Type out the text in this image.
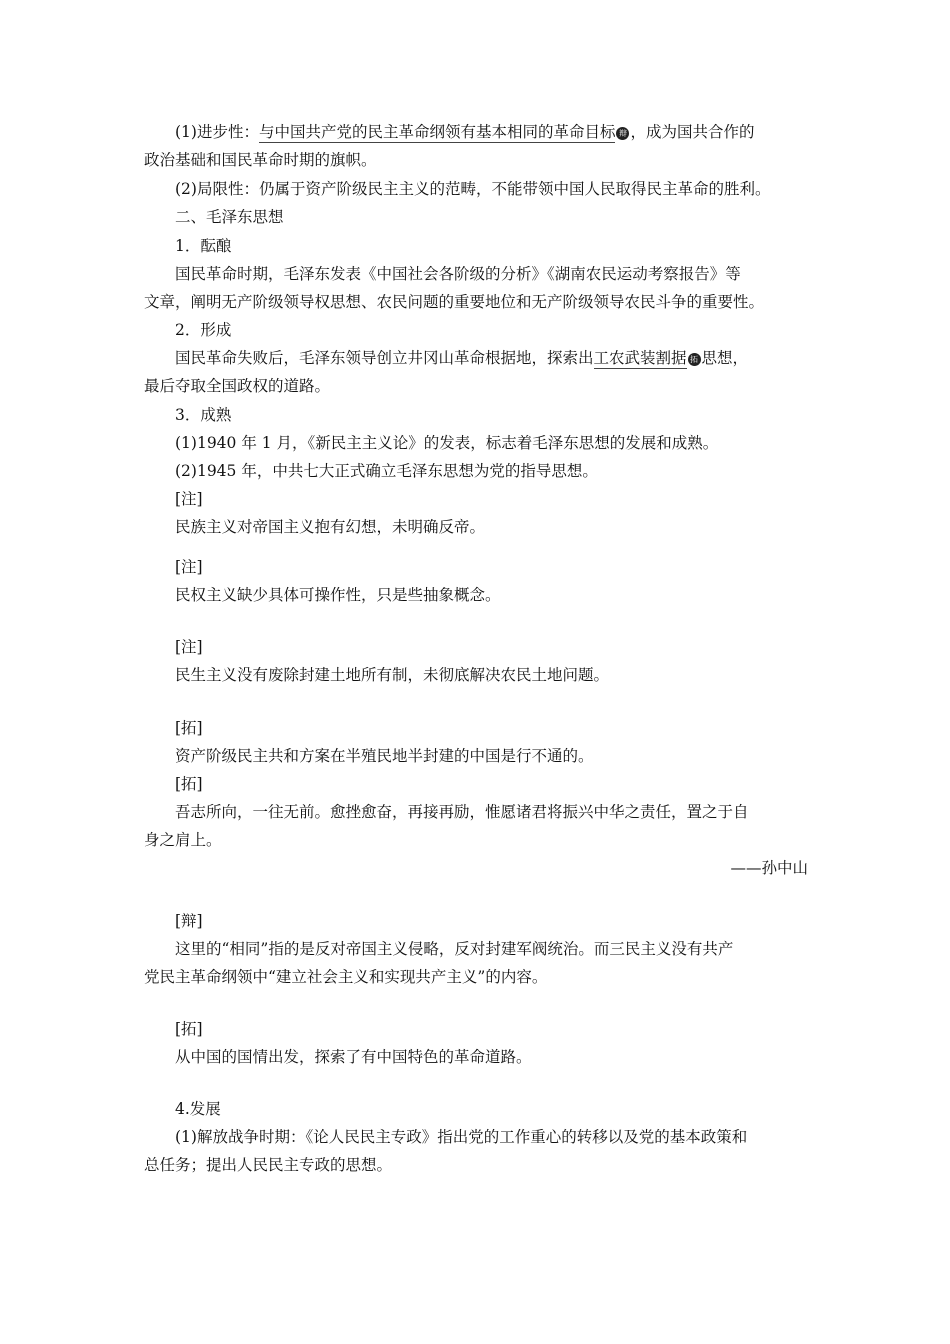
(1)进步性：与中国共产党的民主革命纲领有基本相同的革命目标 辩 ，成为国共合作的
政治基础和国民革命时期的旗帜。
(2)局限性：仍属于资产阶级民主主义的范畴，不能带领中国人民取得民主革命的胜利。
二、毛泽东思想
1．酝酿
国民革命时期，毛泽东发表《中国社会各阶级的分析》《湖南农民运动考察报告》等
文章，阐明无产阶级领导权思想、农民问题的重要地位和无产阶级领导农民斗争的重要性。
2．形成
国民革命失败后，毛泽东领导创立井冈山革命根据地，探索出工农武装割据 拓 思想，
最后夺取全国政权的道路。
3．成熟
(1)1940 年 1 月，《新民主主义论》的发表，标志着毛泽东思想的发展和成熟。
(2)1945 年，中共七大正式确立毛泽东思想为党的指导思想。
[注]
民族主义对帝国主义抱有幻想，未明确反帝。
[注]
民权主义缺少具体可操作性，只是些抽象概念。
[注]
民生主义没有废除封建土地所有制，未彻底解决农民土地问题。
[拓]
资产阶级民主共和方案在半殖民地半封建的中国是行不通的。
[拓]
吾志所向，一往无前。愈挫愈奋，再接再励，惟愿诸君将振兴中华之责任，置之于自
身之肩上。
——孙中山
[辩]
这里的“相同”指的是反对帝国主义侵略，反对封建军阀统治。而三民主义没有共产
党民主革命纲领中“建立社会主义和实现共产主义”的内容。
[拓]
从中国的国情出发，探索了有中国特色的革命道路。
4.发展
(1)解放战争时期：《论人民民主专政》指出党的工作重心的转移以及党的基本政策和
总任务；提出人民民主专政的思想。
